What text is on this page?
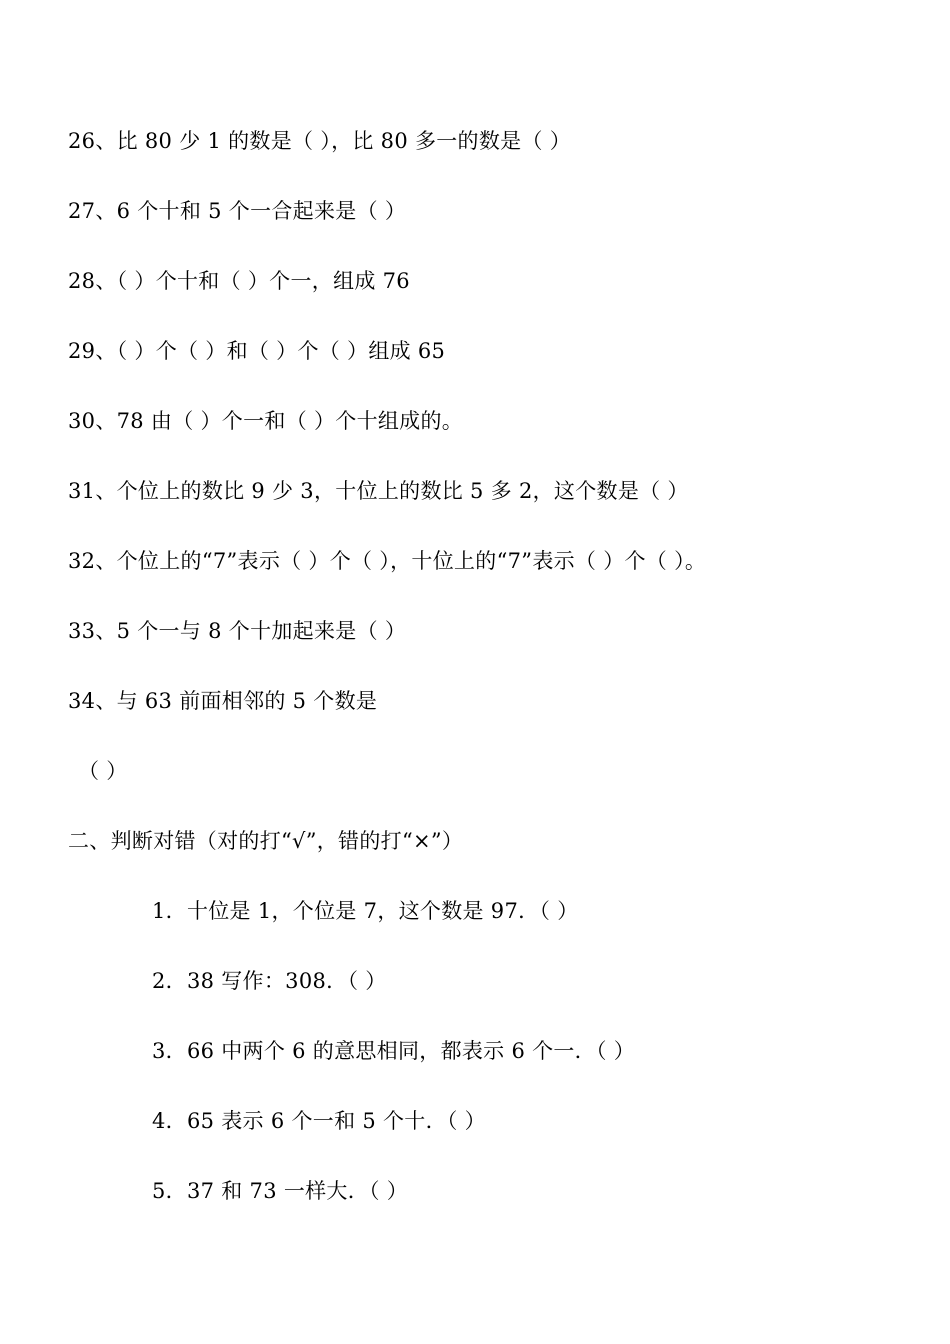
26、比 80 少 1 的数是（ ），比 80 多一的数是（ ）
27、6 个十和 5 个一合起来是（ ）
28、（ ）个十和（ ）个一，组成 76
29、（ ）个（ ）和（ ）个（ ）组成 65
30、78 由（ ）个一和（ ）个十组成的。
31、个位上的数比 9 少 3，十位上的数比 5 多 2，这个数是（ ）
32、个位上的“7”表示（ ）个（ ），十位上的“7”表示（ ）个（ ）。
33、5 个一与 8 个十加起来是（ ）
34、与 63 前面相邻的 5 个数是
（ ）
二、判断对错（对的打“√”，错的打“×”）
1．十位是 1，个位是 7，这个数是 97．（ ）
2．38 写作：308．（ ）
3．66 中两个 6 的意思相同，都表示 6 个一．（ ）
4．65 表示 6 个一和 5 个十．（ ）
5．37 和 73 一样大．（ ）
